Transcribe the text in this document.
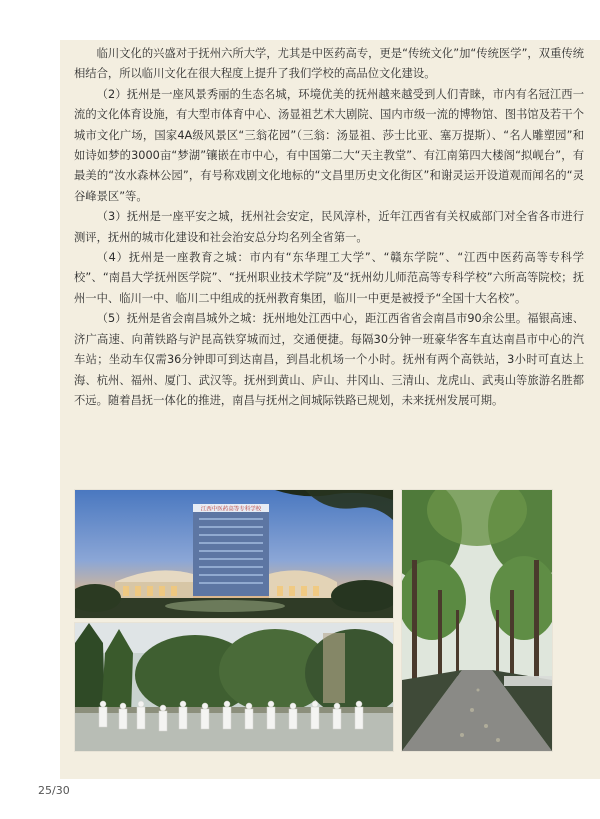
临川文化的兴盛对于抚州六所大学，尤其是中医药高专，更是“传统文化”加“传统医学”，双重传统相结合，所以临川文化在很大程度上提升了我们学校的高品位文化建设。

（2）抚州是一座风景秀丽的生态名城，环境优美的抚州越来越受到人们青睐，市内有名冠江西一流的文化体育设施，有大型市体育中心、汤显祖艺术大剧院、国内市级一流的博物馆、图书馆及若干个城市文化广场，国家4A级风景区“三翁花园”（三翁：汤显祖、莎士比亚、塞万提斯）、“名人雕塑园”和如诗如梦的3000亩“梦湖”镶嵌在市中心，有中国第二大“天主教堂”、有江南第四大楼阁“拟岘台”，有最美的“汝水森林公园”，有号称戏剧文化地标的“文昌里历史文化街区”和谢灵运开设道观而闻名的“灵谷峰景区”等。

（3）抚州是一座平安之城，抚州社会安定，民风淳朴，近年江西省有关权威部门对全省各市进行测评，抚州的城市化建设和社会治安总分均名列全省第一。

（4）抚州是一座教育之城：市内有“东华理工大学”、“赣东学院”、“江西中医药高等专科学校”、“南昌大学抚州医学院”、“抚州职业技术学院”及“抚州幼儿师范高等专科学校”六所高等院校；抚州一中、临川一中、临川二中组成的抚州教育集团，临川一中更是被授予“全国十大名校”。

（5）抚州是省会南昌城外之城：抚州地处江西中心，距江西省省会南昌市90余公里。福银高速、济广高速、向莆铁路与沪昆高铁穿城而过，交通便捷。每隔30分钟一班豪华客车直达南昌市中心的汽车站；坐动车仅需36分钟即可到达南昌，到昌北机场一个小时。抚州有两个高铁站，3小时可直达上海、杭州、福州、厦门、武汉等。抚州到黄山、庐山、井冈山、三清山、龙虎山、武夷山等旅游名胜都不远。随着昌抚一体化的推进，南昌与抚州之间城际铁路已规划，未来抚州发展可期。

江西中医药高等专科学校
25/30
